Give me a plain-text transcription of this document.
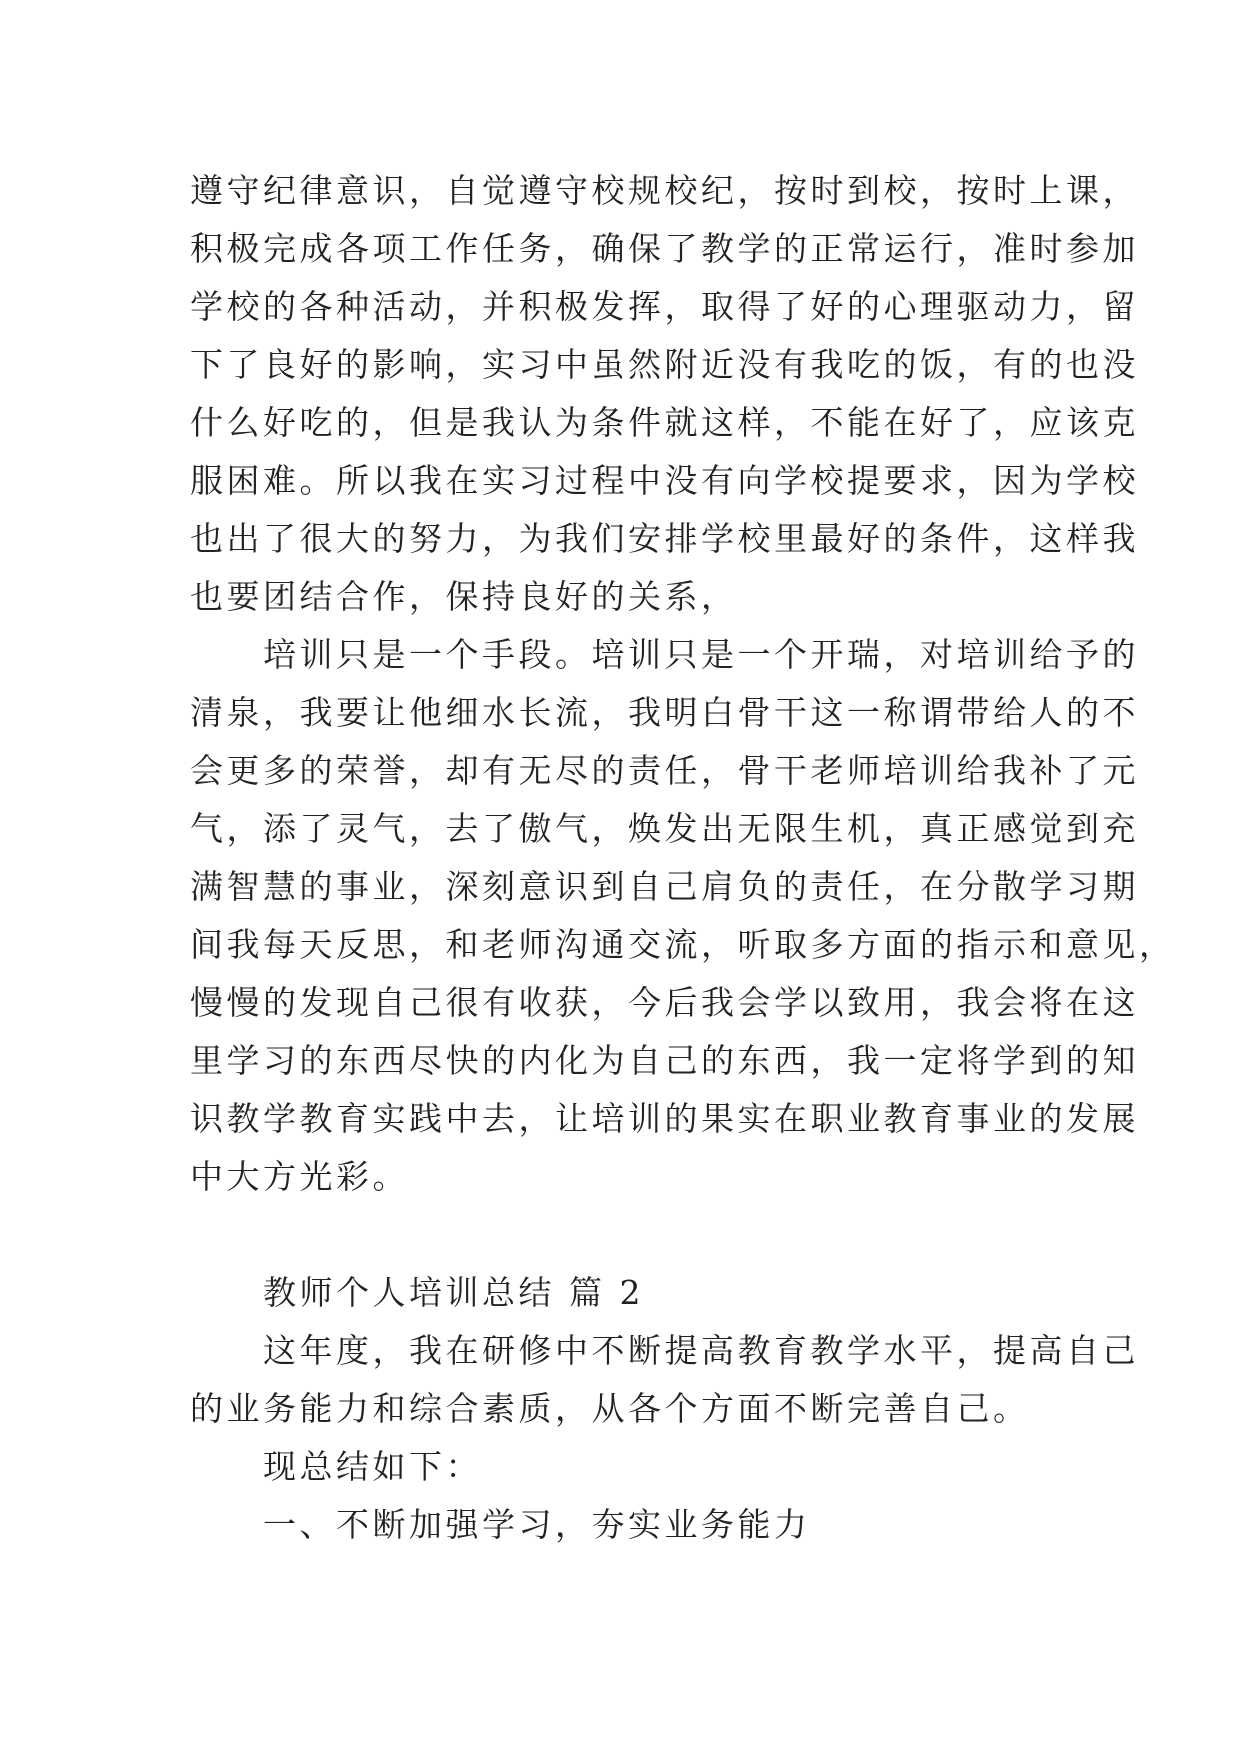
遵守纪律意识，自觉遵守校规校纪，按时到校，按时上课，
积极完成各项工作任务，确保了教学的正常运行，准时参加
学校的各种活动，并积极发挥，取得了好的心理驱动力，留
下了良好的影响，实习中虽然附近没有我吃的饭，有的也没
什么好吃的，但是我认为条件就这样，不能在好了，应该克
服困难。所以我在实习过程中没有向学校提要求，因为学校
也出了很大的努力，为我们安排学校里最好的条件，这样我
也要团结合作，保持良好的关系，
　　培训只是一个手段。培训只是一个开瑞，对培训给予的
清泉，我要让他细水长流，我明白骨干这一称谓带给人的不
会更多的荣誉，却有无尽的责任，骨干老师培训给我补了元
气，添了灵气，去了傲气，焕发出无限生机，真正感觉到充
满智慧的事业，深刻意识到自己肩负的责任，在分散学习期
间我每天反思，和老师沟通交流，听取多方面的指示和意见，
慢慢的发现自己很有收获，今后我会学以致用，我会将在这
里学习的东西尽快的内化为自己的东西，我一定将学到的知
识教学教育实践中去，让培训的果实在职业教育事业的发展
中大方光彩。
　　教师个人培训总结 篇 2
　　这年度，我在研修中不断提高教育教学水平，提高自己
的业务能力和综合素质，从各个方面不断完善自己。
　　现总结如下：
　　一、不断加强学习，夯实业务能力
